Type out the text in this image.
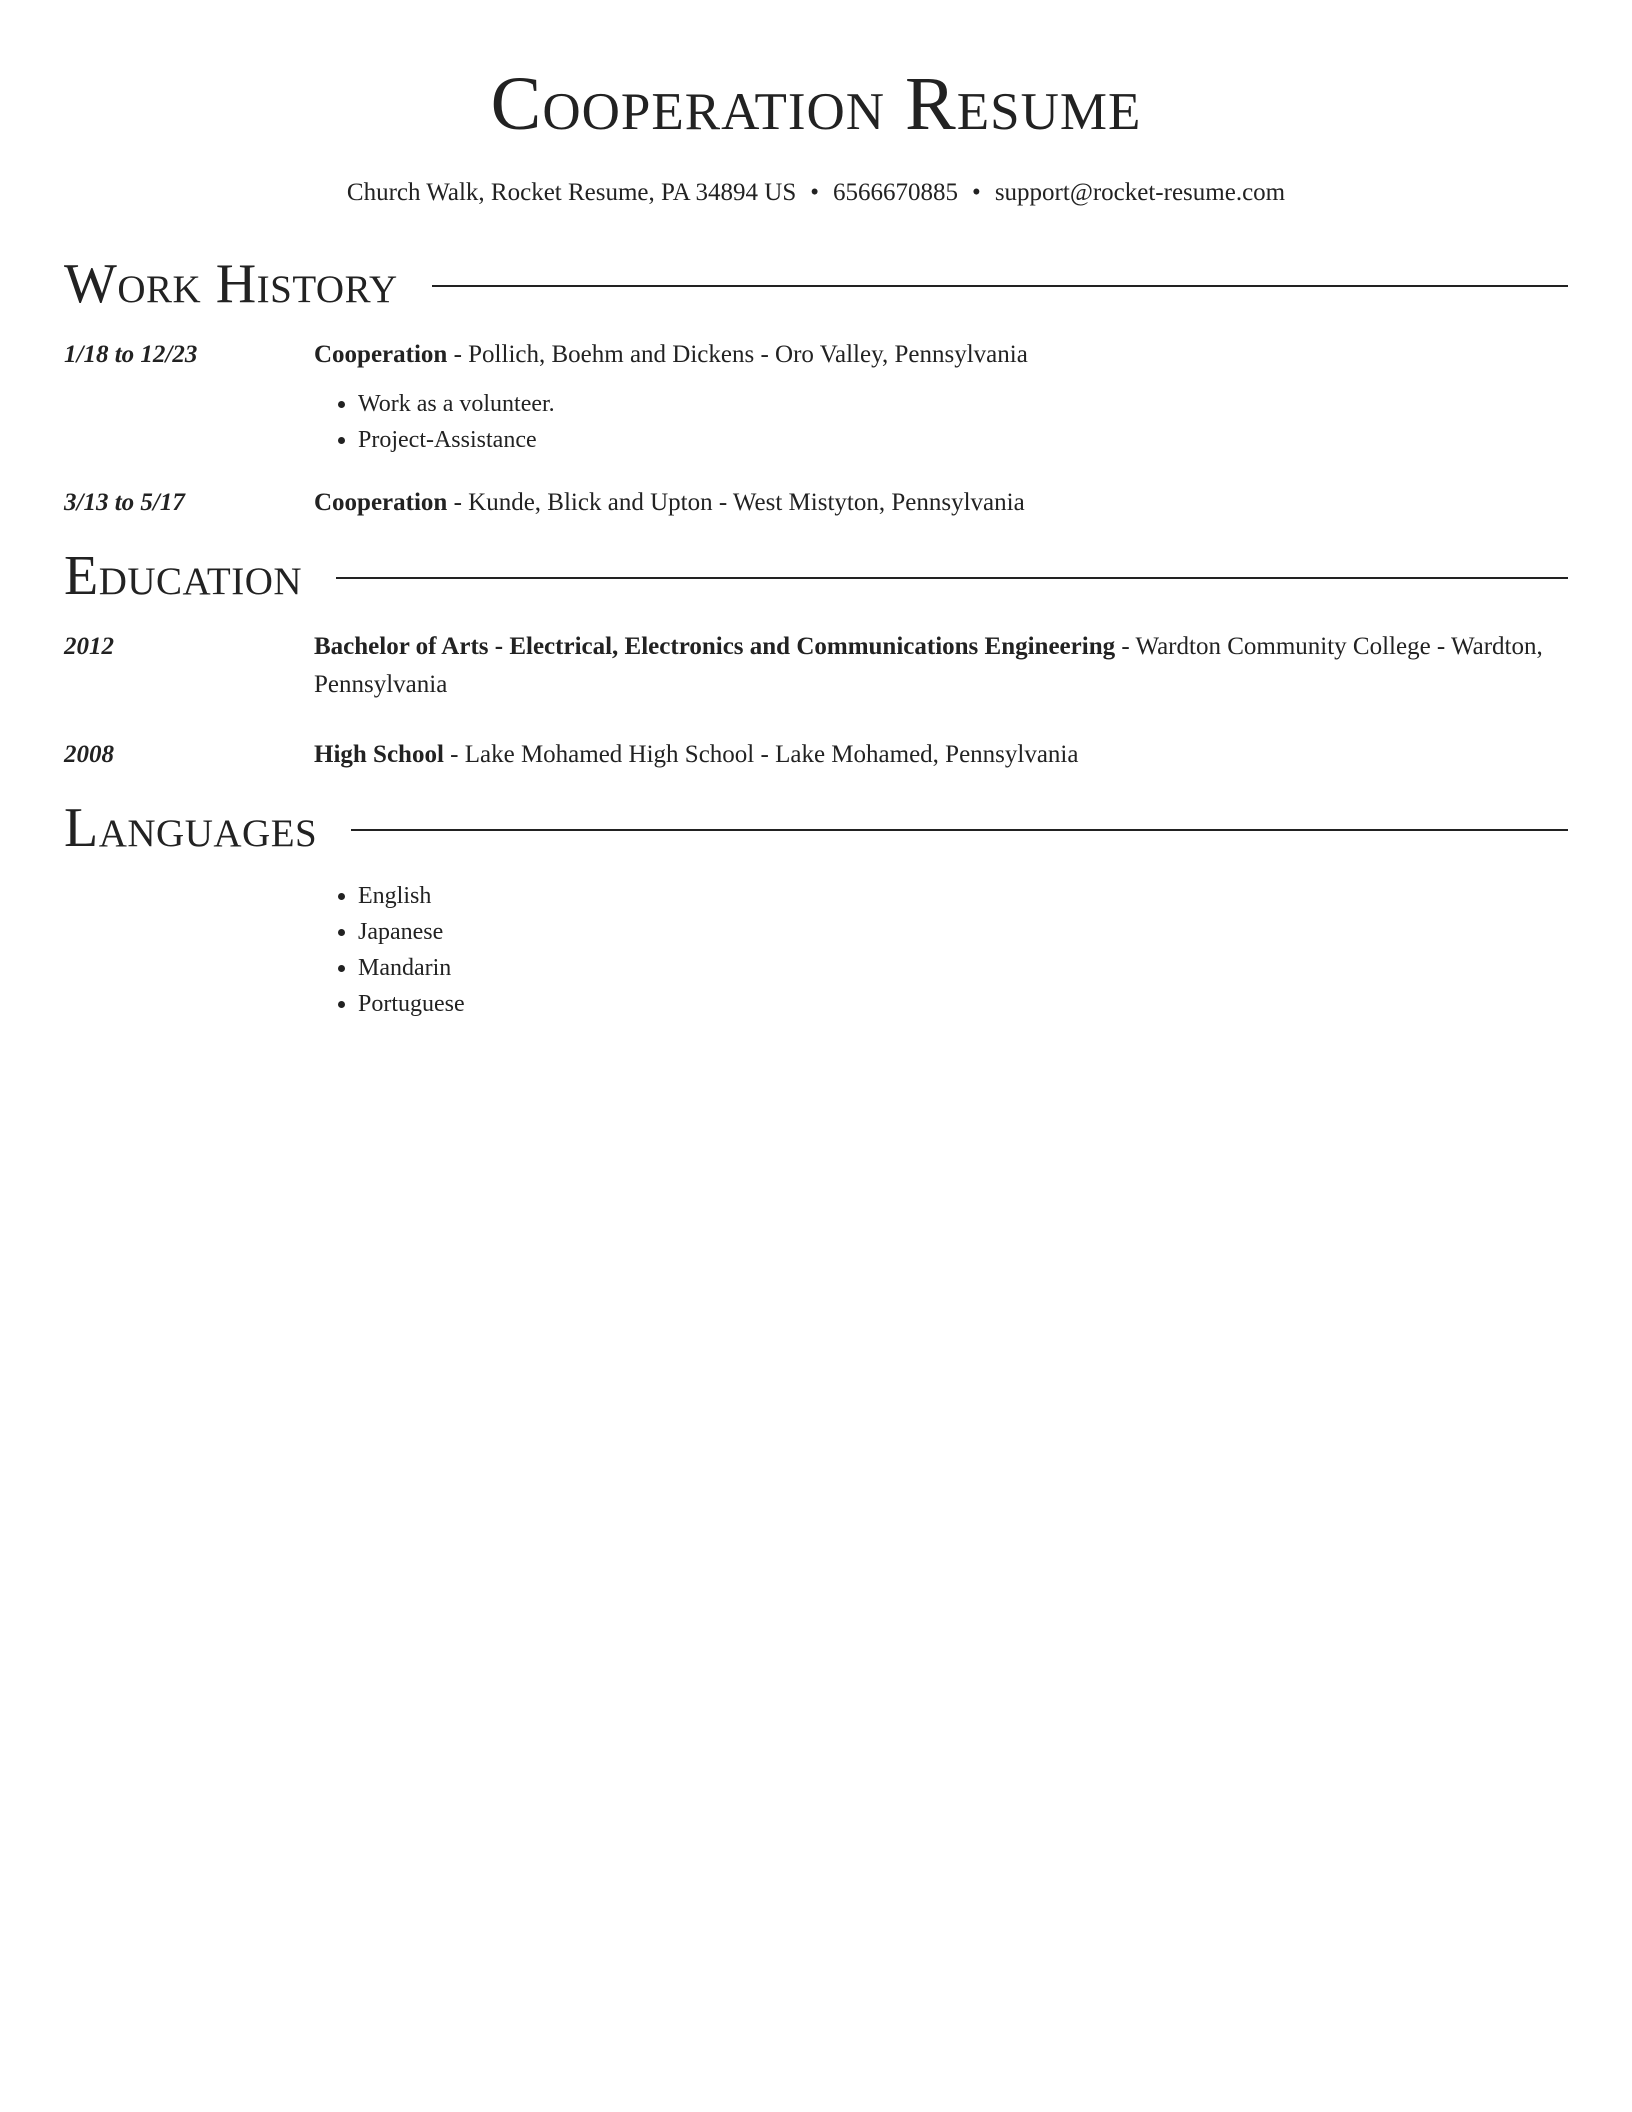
Cooperation Resume
Church Walk, Rocket Resume, PA 34894 US • 6566670885 • support@rocket-resume.com
Work History
1/18 to 12/23	Cooperation - Pollich, Boehm and Dickens - Oro Valley, Pennsylvania
• Work as a volunteer.
• Project-Assistance
3/13 to 5/17	Cooperation - Kunde, Blick and Upton - West Mistyton, Pennsylvania
Education
2012	Bachelor of Arts - Electrical, Electronics and Communications Engineering - Wardton Community College - Wardton, Pennsylvania
2008	High School - Lake Mohamed High School - Lake Mohamed, Pennsylvania
Languages
• English
• Japanese
• Mandarin
• Portuguese
